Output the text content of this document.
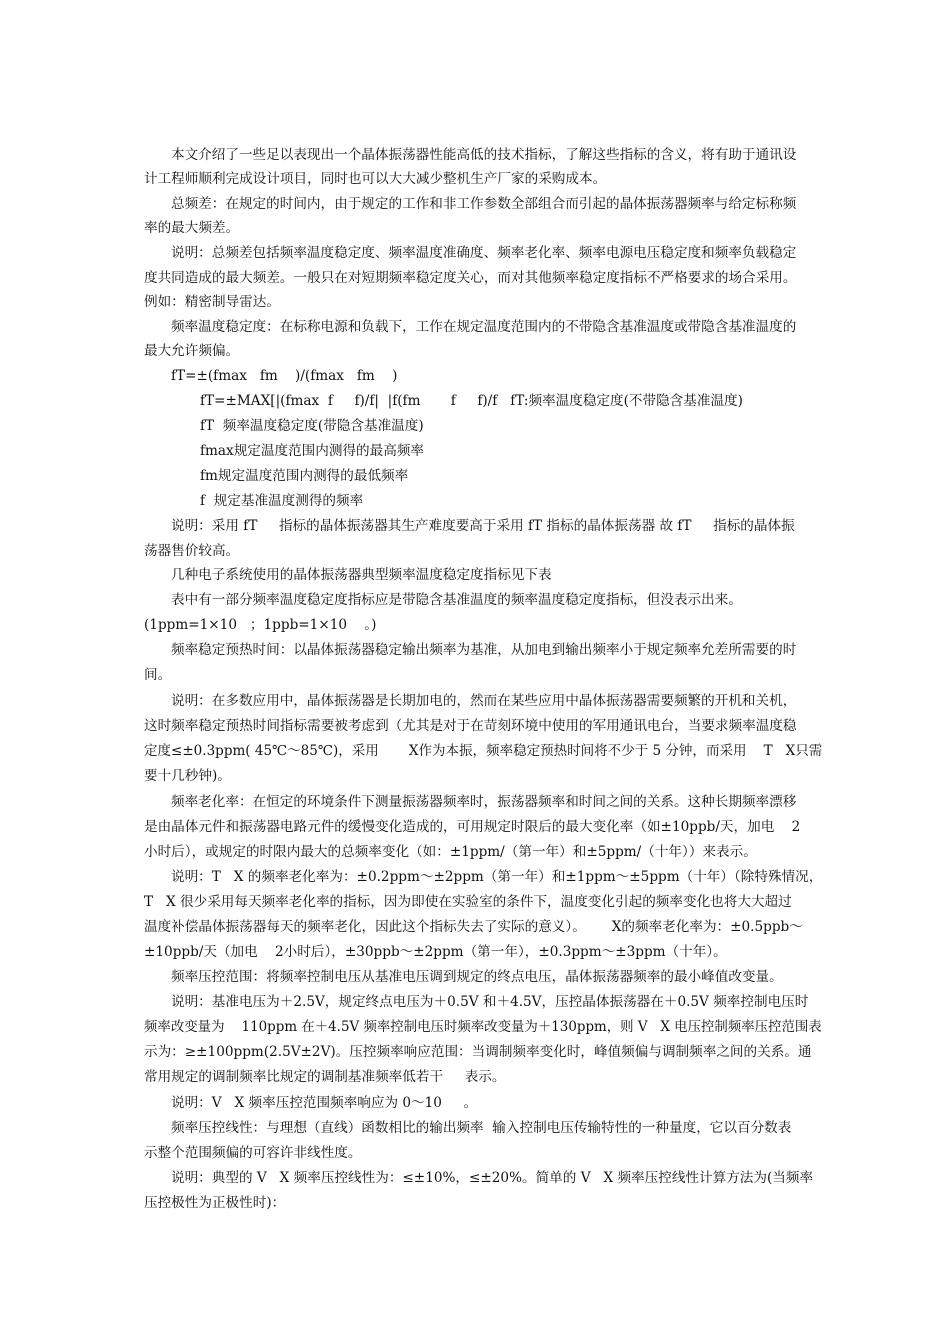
本文介绍了一些足以表现出一个晶体振荡器性能高低的技术指标，了解这些指标的含义，将有助于通讯设

计工程师顺利完成设计项目，同时也可以大大减少整机生产厂家的采购成本。

总频差：在规定的时间内，由于规定的工作和非工作参数全部组合而引起的晶体振荡器频率与给定标称频

率的最大频差。

说明：总频差包括频率温度稳定度、频率温度准确度、频率老化率、频率电源电压稳定度和频率负载稳定

度共同造成的最大频差。一般只在对短期频率稳定度关心，而对其他频率稳定度指标不严格要求的场合采用。

例如：精密制导雷达。

频率温度稳定度：在标称电源和负载下，工作在规定温度范围内的不带隐含基准温度或带隐含基准温度的

最大允许频偏。

fT=±(fmax   fm    )/(fmax   fm    )

fT=±MAX[|(fmax  f     f)/f|  |f(fm       f     f)/f   fT:频率温度稳定度(不带隐含基准温度)

fT  频率温度稳定度(带隐含基准温度)

fmax规定温度范围内测得的最高频率

fm规定温度范围内测得的最低频率

f  规定基准温度测得的频率

说明：采用 fT     指标的晶体振荡器其生产难度要高于采用 fT 指标的晶体振荡器 故 fT     指标的晶体振

荡器售价较高。

几种电子系统使用的晶体振荡器典型频率温度稳定度指标见下表

表中有一部分频率温度稳定度指标应是带隐含基准温度的频率温度稳定度指标，但没表示出来。

(1ppm=1×10   ；1ppb=1×10    。)

频率稳定预热时间：以晶体振荡器稳定输出频率为基准，从加电到输出频率小于规定频率允差所需要的时

间。

说明：在多数应用中，晶体振荡器是长期加电的，然而在某些应用中晶体振荡器需要频繁的开机和关机，

这时频率稳定预热时间指标需要被考虑到（尤其是对于在苛刻环境中使用的军用通讯电台，当要求频率温度稳

定度≤±0.3ppm( 45℃～85℃)，采用       X作为本振，频率稳定预热时间将不少于 5 分钟，而采用    T   X只需

要十几秒钟)。

频率老化率：在恒定的环境条件下测量振荡器频率时，振荡器频率和时间之间的关系。这种长期频率漂移

是由晶体元件和振荡器电路元件的缓慢变化造成的，可用规定时限后的最大变化率（如±10ppb/天，加电    2

小时后），或规定的时限内最大的总频率变化（如：±1ppm/（第一年）和±5ppm/（十年））来表示。

说明：T   X 的频率老化率为：±0.2ppm～±2ppm（第一年）和±1ppm～±5ppm（十年）（除特殊情况，

T   X 很少采用每天频率老化率的指标，因为即使在实验室的条件下，温度变化引起的频率变化也将大大超过

温度补偿晶体振荡器每天的频率老化，因此这个指标失去了实际的意义）。      X的频率老化率为：±0.5ppb～

±10ppb/天（加电    2小时后），±30ppb～±2ppm（第一年），±0.3ppm～±3ppm（十年）。

频率压控范围：将频率控制电压从基准电压调到规定的终点电压，晶体振荡器频率的最小峰值改变量。

说明：基准电压为＋2.5V，规定终点电压为＋0.5V 和＋4.5V，压控晶体振荡器在＋0.5V 频率控制电压时

频率改变量为    110ppm 在＋4.5V 频率控制电压时频率改变量为＋130ppm，则 V   X 电压控制频率压控范围表

示为：≥±100ppm(2.5V±2V)。压控频率响应范围：当调制频率变化时，峰值频偏与调制频率之间的关系。通

常用规定的调制频率比规定的调制基准频率低若干     表示。

说明：V   X 频率压控范围频率响应为 0～10     。

频率压控线性：与理想（直线）函数相比的输出频率  输入控制电压传输特性的一种量度，它以百分数表

示整个范围频偏的可容许非线性度。

说明：典型的 V   X 频率压控线性为：≤±10%，≤±20%。简单的 V   X 频率压控线性计算方法为(当频率

压控极性为正极性时)：
